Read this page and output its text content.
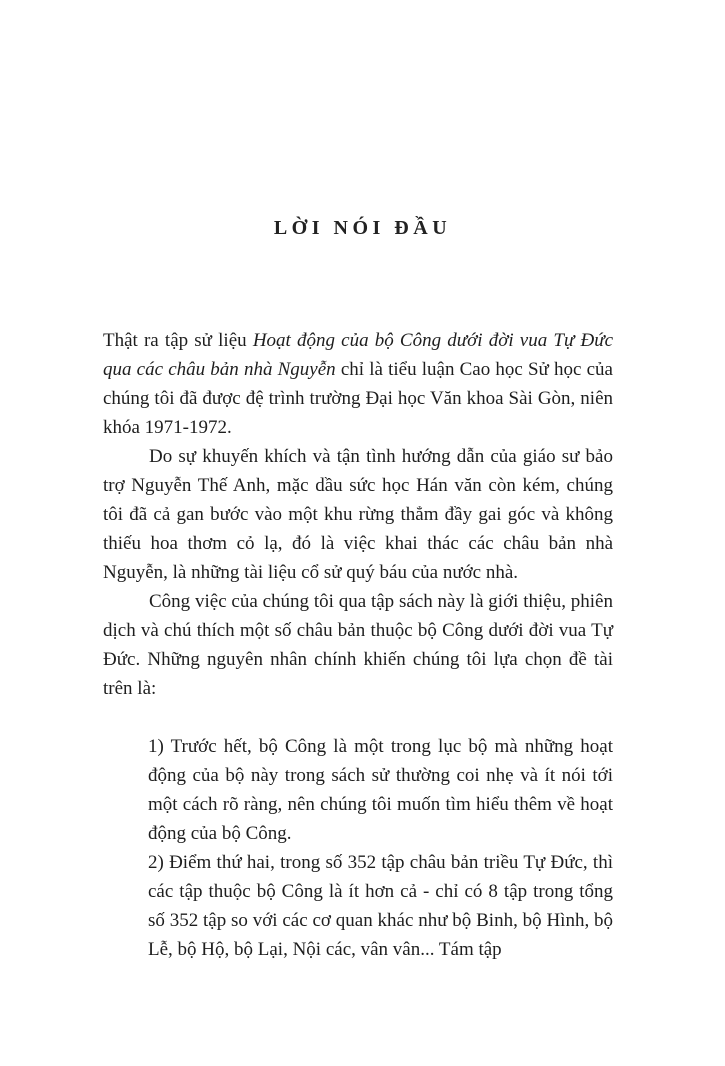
LỜI NÓI ĐẦU

Thật ra tập sử liệu Hoạt động của bộ Công dưới đời vua Tự Đức qua các châu bản nhà Nguyễn chỉ là tiểu luận Cao học Sử học của chúng tôi đã được đệ trình trường Đại học Văn khoa Sài Gòn, niên khóa 1971-1972.

Do sự khuyến khích và tận tình hướng dẫn của giáo sư bảo trợ Nguyễn Thế Anh, mặc dầu sức học Hán văn còn kém, chúng tôi đã cả gan bước vào một khu rừng thẳm đầy gai góc và không thiếu hoa thơm cỏ lạ, đó là việc khai thác các châu bản nhà Nguyễn, là những tài liệu cổ sử quý báu của nước nhà.

Công việc của chúng tôi qua tập sách này là giới thiệu, phiên dịch và chú thích một số châu bản thuộc bộ Công dưới đời vua Tự Đức. Những nguyên nhân chính khiến chúng tôi lựa chọn đề tài trên là:

1) Trước hết, bộ Công là một trong lục bộ mà những hoạt động của bộ này trong sách sử thường coi nhẹ và ít nói tới một cách rõ ràng, nên chúng tôi muốn tìm hiểu thêm về hoạt động của bộ Công.

2) Điểm thứ hai, trong số 352 tập châu bản triều Tự Đức, thì các tập thuộc bộ Công là ít hơn cả - chỉ có 8 tập trong tổng số 352 tập so với các cơ quan khác như bộ Binh, bộ Hình, bộ Lễ, bộ Hộ, bộ Lại, Nội các, vân vân... Tám tập
